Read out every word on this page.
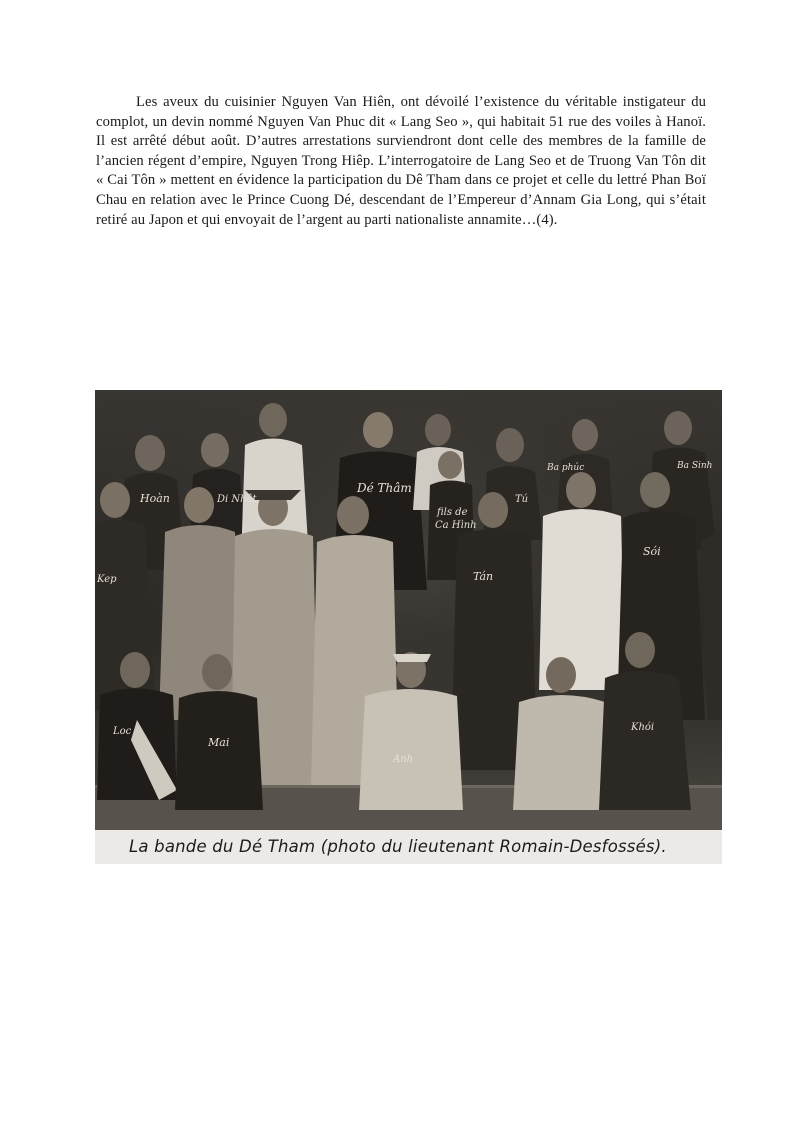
Les aveux du cuisinier Nguyen Van Hiên, ont dévoilé l’existence du véritable instigateur du complot, un devin nommé Nguyen Van Phuc dit « Lang Seo », qui habitait 51 rue des voiles à Hanoï. Il est arrêté début août. D’autres arrestations surviendront dont celle des membres de la famille de l’ancien régent d’empire, Nguyen Trong Hiêp. L’interrogatoire de Lang Seo et de Truong Van Tôn dit « Cai Tôn » mettent en évidence la participation du Dê Tham dans ce projet et celle du lettré Phan Boï Chau en relation avec le Prince Cuong Dé, descendant de l’Empereur d’Annam Gia Long, qui s’était retiré au Japon et qui envoyait de l’argent au parti nationaliste annamite…(4).

Hoàn	Di Nhât
Dé Thâm
fils de
Ca Hình
Ba phúc
Tú
Ba Sinh
Kep	Tán
Sói
Loc
Mai
Anh
Khói
La bande du Dé Tham (photo du lieutenant Romain-Desfossés).
